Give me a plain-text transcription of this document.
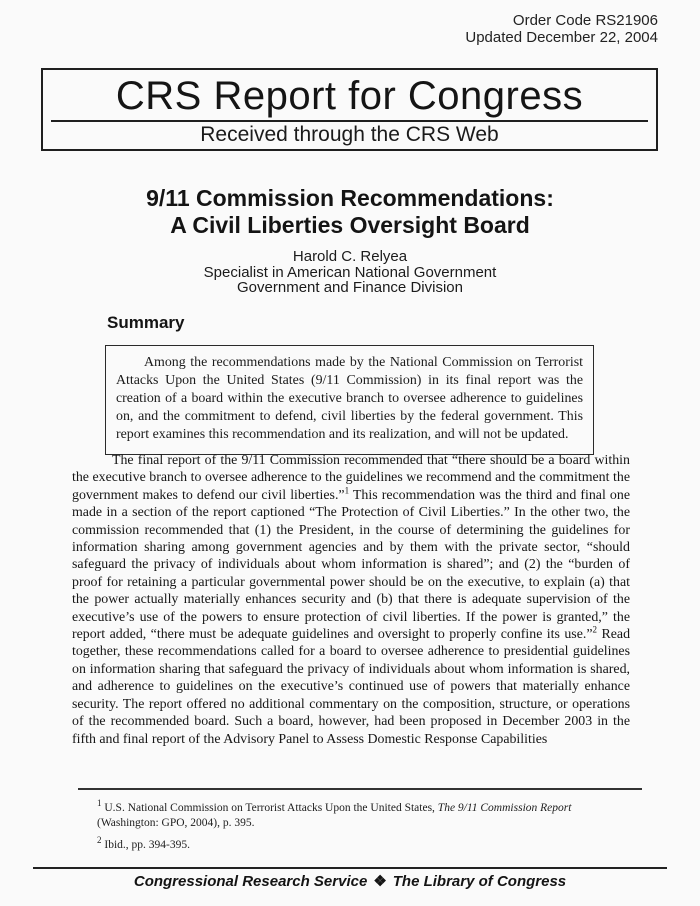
Order Code RS21906
Updated December 22, 2004
CRS Report for Congress
Received through the CRS Web
9/11 Commission Recommendations:
A Civil Liberties Oversight Board
Harold C. Relyea
Specialist in American National Government
Government and Finance Division
Summary

Among the recommendations made by the National Commission on Terrorist Attacks Upon the United States (9/11 Commission) in its final report was the creation of a board within the executive branch to oversee adherence to guidelines on, and the commitment to defend, civil liberties by the federal government. This report examines this recommendation and its realization, and will not be updated.

The final report of the 9/11 Commission recommended that “there should be a board within the executive branch to oversee adherence to the guidelines we recommend and the commitment the government makes to defend our civil liberties.”$^1$ This recommendation was the third and final one made in a section of the report captioned “The Protection of Civil Liberties.” In the other two, the commission recommended that (1) the President, in the course of determining the guidelines for information sharing among government agencies and by them with the private sector, “should safeguard the privacy of individuals about whom information is shared”; and (2) the “burden of proof for retaining a particular governmental power should be on the executive, to explain (a) that the power actually materially enhances security and (b) that there is adequate supervision of the executive’s use of the powers to ensure protection of civil liberties. If the power is granted,” the report added, “there must be adequate guidelines and oversight to properly confine its use.”$^2$ Read together, these recommendations called for a board to oversee adherence to presidential guidelines on information sharing that safeguard the privacy of individuals about whom information is shared, and adherence to guidelines on the executive’s continued use of powers that materially enhance security. The report offered no additional commentary on the composition, structure, or operations of the recommended board. Such a board, however, had been proposed in December 2003 in the fifth and final report of the Advisory Panel to Assess Domestic Response Capabilities

$^1$ U.S. National Commission on Terrorist Attacks Upon the United States, The 9/11 Commission Report (Washington: GPO, 2004), p. 395.
$^2$ Ibid., pp. 394-395.
Congressional Research Service ❖ The Library of Congress
